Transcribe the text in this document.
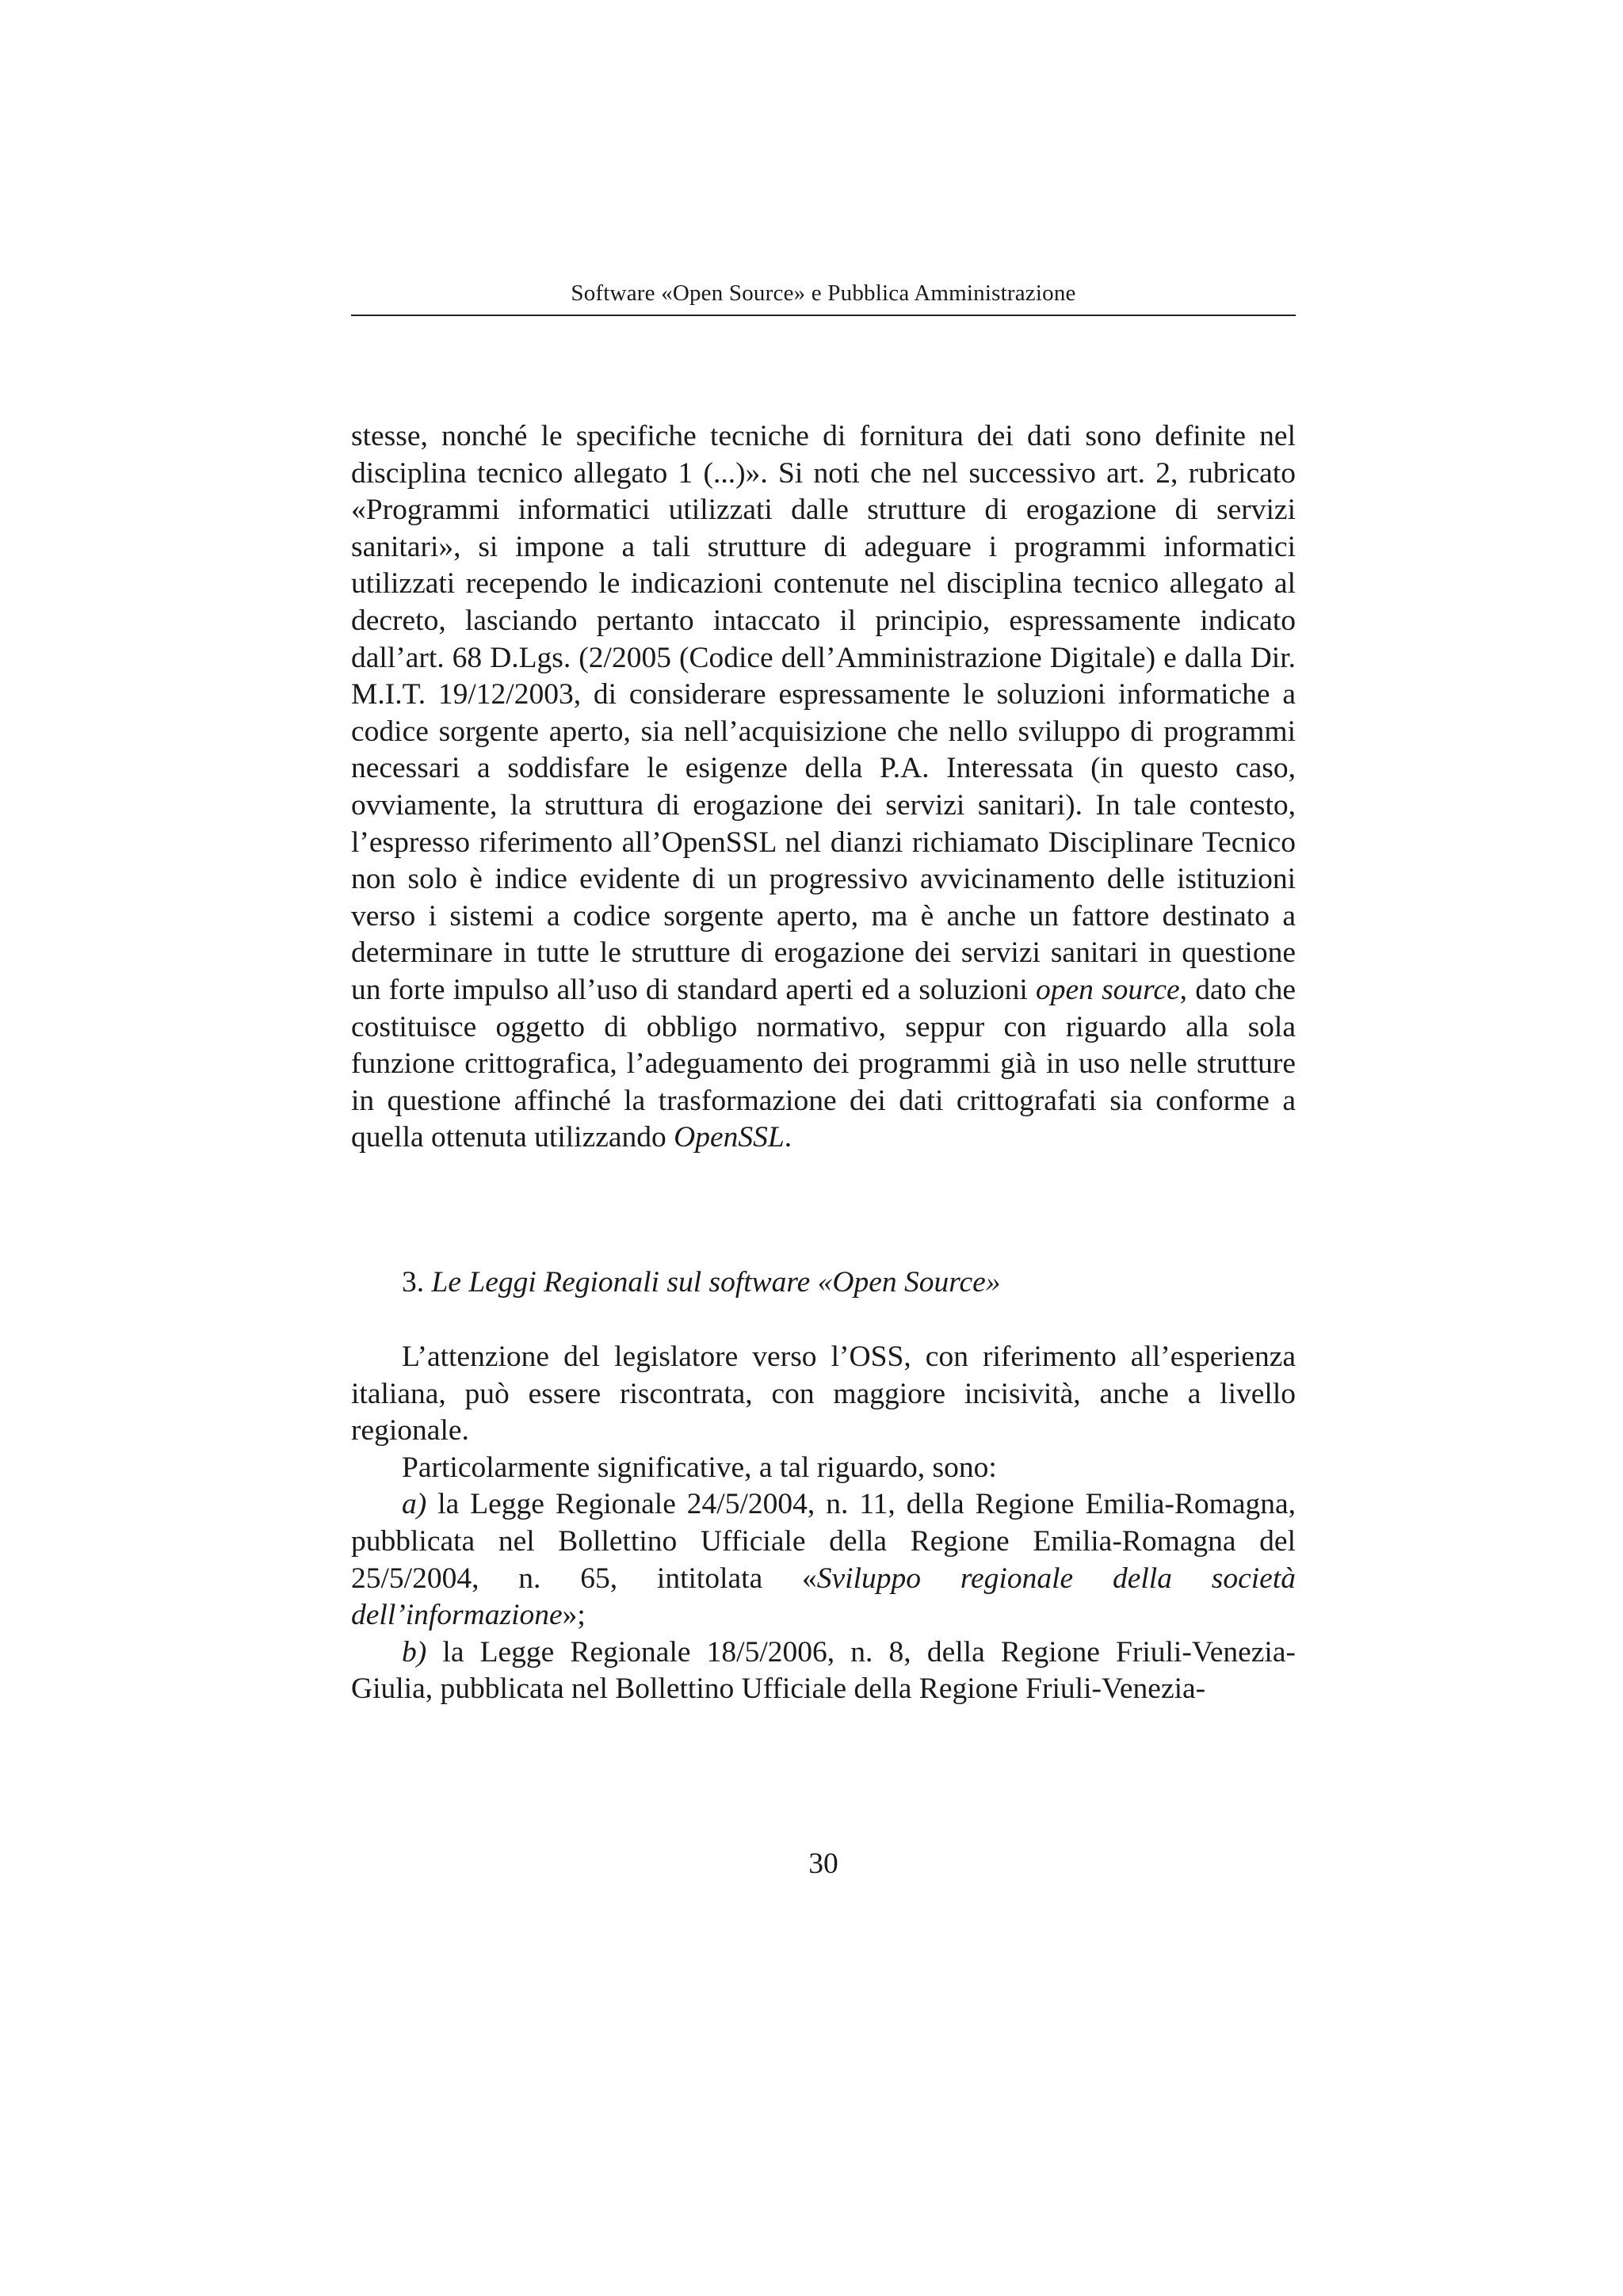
Software «Open Source» e Pubblica Amministrazione

stesse, nonché le specifiche tecniche di fornitura dei dati sono definite nel disciplina tecnico allegato 1 (...)». Si noti che nel successivo art. 2, rubricato «Programmi informatici utilizzati dalle strutture di erogazione di servizi sanitari», si impone a tali strutture di adeguare i programmi informatici utilizzati recependo le indicazioni contenute nel disciplina tecnico allegato al decreto, lasciando pertanto intaccato il principio, espressamente indicato dall’art. 68 D.Lgs. (2/2005 (Codice dell’Amministrazione Digitale) e dalla Dir. M.I.T. 19/12/2003, di considerare espressamente le soluzioni informatiche a codice sorgente aperto, sia nell’acquisizione che nello sviluppo di programmi necessari a soddisfare le esigenze della P.A. Interessata (in questo caso, ovviamente, la struttura di erogazione dei servizi sanitari). In tale contesto, l’espresso riferimento all’OpenSSL nel dianzi richiamato Disciplinare Tecnico non solo è indice evidente di un progressivo avvicinamento delle istituzioni verso i sistemi a codice sorgente aperto, ma è anche un fattore destinato a determinare in tutte le strutture di erogazione dei servizi sanitari in questione un forte impulso all’uso di standard aperti ed a soluzioni open source, dato che costituisce oggetto di obbligo normativo, seppur con riguardo alla sola funzione crittografica, l’adeguamento dei programmi già in uso nelle strutture in questione affinché la trasformazione dei dati crittografati sia conforme a quella ottenuta utilizzando OpenSSL.

3. Le Leggi Regionali sul software «Open Source»

L’attenzione del legislatore verso l’OSS, con riferimento all’esperienza italiana, può essere riscontrata, con maggiore incisività, anche a livello regionale.

Particolarmente significative, a tal riguardo, sono:

a) la Legge Regionale 24/5/2004, n. 11, della Regione Emilia-Romagna, pubblicata nel Bollettino Ufficiale della Regione Emilia-Romagna del 25/5/2004, n. 65, intitolata «Sviluppo regionale della società dell’informazione»;

b) la Legge Regionale 18/5/2006, n. 8, della Regione Friuli-Venezia-Giulia, pubblicata nel Bollettino Ufficiale della Regione Friuli-Venezia-

30
